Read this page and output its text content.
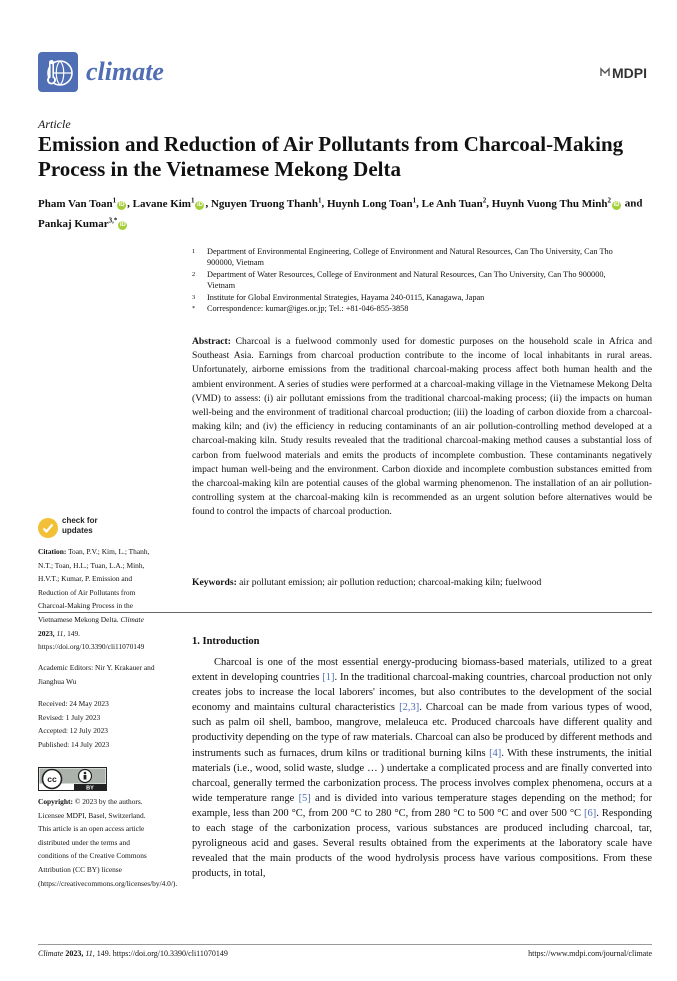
climate	MDPI
Article
Emission and Reduction of Air Pollutants from Charcoal-Making Process in the Vietnamese Mekong Delta
Pham Van Toan$^1$iD , Lavane Kim$^1$iD , Nguyen Truong Thanh$^1$, Huynh Long Toan$^1$, Le Anh Tuan$^2$, Huynh Vuong Thu Minh$^2$iD and Pankaj Kumar$^{3,*}$iD
1	Department of Environmental Engineering, College of Environment and Natural Resources, Can Tho University, Can Tho 900000, Vietnam
2	Department of Water Resources, College of Environment and Natural Resources, Can Tho University, Can Tho 900000, Vietnam
3	Institute for Global Environmental Strategies, Hayama 240-0115, Kanagawa, Japan
*	Correspondence: kumar@iges.or.jp; Tel.: +81-046-855-3858
Abstract: Charcoal is a fuelwood commonly used for domestic purposes on the household scale in Africa and Southeast Asia. Earnings from charcoal production contribute to the income of local inhabitants in rural areas. Unfortunately, airborne emissions from the traditional charcoal-making process affect both human health and the ambient environment. A series of studies were performed at a charcoal-making village in the Vietnamese Mekong Delta (VMD) to assess: (i) air pollutant emissions from the traditional charcoal-making process; (ii) the impacts on human well-being and the environment of traditional charcoal production; (iii) the loading of carbon dioxide from a charcoal-making kiln; and (iv) the efficiency in reducing contaminants of an air pollution-controlling method developed at a charcoal-making kiln. Study results revealed that the traditional charcoal-making method causes a substantial loss of carbon from fuelwood materials and emits the products of incomplete combustion. These contaminants negatively impact human well-being and the environment. Carbon dioxide and incomplete combustion substances emitted from the charcoal-making kiln are potential causes of the global warming phenomenon. The installation of an air pollution-controlling system at the charcoal-making kiln is recommended as an urgent solution before alternatives would be found to control the impacts of charcoal production.
Keywords: air pollutant emission; air pollution reduction; charcoal-making kiln; fuelwood
check for
updates
Citation: Toan, P.V.; Kim, L.; Thanh, N.T.; Toan, H.L.; Tuan, L.A.; Minh, H.V.T.; Kumar, P. Emission and Reduction of Air Pollutants from Charcoal-Making Process in the Vietnamese Mekong Delta. Climate 2023, 11, 149. https://doi.org/10.3390/cli11070149
Academic Editors: Nir Y. Krakauer and Jianghua Wu
Received: 24 May 2023
Revised: 1 July 2023
Accepted: 12 July 2023
Published: 14 July 2023
cc
BY
Copyright: © 2023 by the authors. Licensee MDPI, Basel, Switzerland. This article is an open access article distributed under the terms and conditions of the Creative Commons Attribution (CC BY) license (https://creativecommons.org/licenses/by/4.0/).
1. Introduction
Charcoal is one of the most essential energy-producing biomass-based materials, utilized to a great extent in developing countries [1]. In the traditional charcoal-making countries, charcoal production not only creates jobs to increase the local laborers' incomes, but also contributes to the development of the social economy and maintains cultural characteristics [2,3]. Charcoal can be made from various types of wood, such as palm oil shell, bamboo, mangrove, melaleuca etc. Produced charcoals have different quality and productivity depending on the type of raw materials. Charcoal can also be produced by different methods and instruments such as furnaces, drum kilns or traditional burning kilns [4]. With these instruments, the initial materials (i.e., wood, solid waste, sludge … ) undertake a complicated process and are finally converted into charcoal, generally termed the carbonization process. The process involves complex phenomena, occurs at a wide temperature range [5] and is divided into various temperature stages depending on the method; for example, less than 200 °C, from 200 °C to 280 °C, from 280 °C to 500 °C and over 500 °C [6]. Responding to each stage of the carbonization process, various substances are produced including charcoal, tar, pyroligneous acid and gases. Several results obtained from the experiments at the laboratory scale have revealed that the main products of the wood hydrolysis process have various compositions. From these products, in total,
Climate 2023, 11, 149. https://doi.org/10.3390/cli11070149	https://www.mdpi.com/journal/climate
